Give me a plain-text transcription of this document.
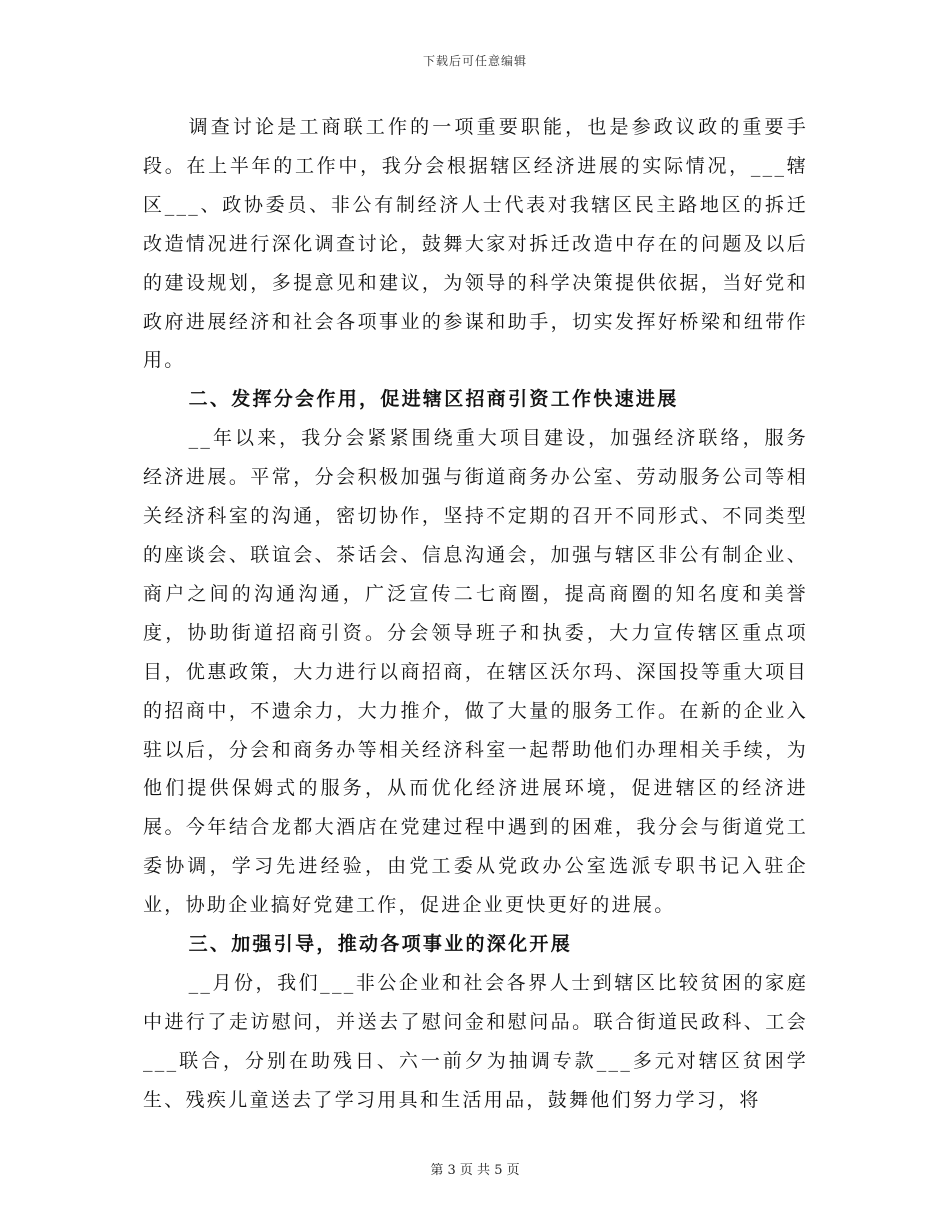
下载后可任意编辑

调查讨论是工商联工作的一项重要职能，也是参政议政的重要手段。在上半年的工作中，我分会根据辖区经济进展的实际情况，___辖区___、政协委员、非公有制经济人士代表对我辖区民主路地区的拆迁改造情况进行深化调查讨论，鼓舞大家对拆迁改造中存在的问题及以后的建设规划，多提意见和建议，为领导的科学决策提供依据，当好党和政府进展经济和社会各项事业的参谋和助手，切实发挥好桥梁和纽带作用。

二、发挥分会作用，促进辖区招商引资工作快速进展

__年以来，我分会紧紧围绕重大项目建设，加强经济联络，服务经济进展。平常，分会积极加强与街道商务办公室、劳动服务公司等相关经济科室的沟通，密切协作，坚持不定期的召开不同形式、不同类型的座谈会、联谊会、茶话会、信息沟通会，加强与辖区非公有制企业、商户之间的沟通沟通，广泛宣传二七商圈，提高商圈的知名度和美誉度，协助街道招商引资。分会领导班子和执委，大力宣传辖区重点项目，优惠政策，大力进行以商招商，在辖区沃尔玛、深国投等重大项目的招商中，不遗余力，大力推介，做了大量的服务工作。在新的企业入驻以后，分会和商务办等相关经济科室一起帮助他们办理相关手续，为他们提供保姆式的服务，从而优化经济进展环境，促进辖区的经济进展。今年结合龙都大酒店在党建过程中遇到的困难，我分会与街道党工委协调，学习先进经验，由党工委从党政办公室选派专职书记入驻企业，协助企业搞好党建工作，促进企业更快更好的进展。

三、加强引导，推动各项事业的深化开展

__月份，我们___非公企业和社会各界人士到辖区比较贫困的家庭中进行了走访慰问，并送去了慰问金和慰问品。联合街道民政科、工会___联合，分别在助残日、六一前夕为抽调专款___多元对辖区贫困学生、残疾儿童送去了学习用具和生活用品，鼓舞他们努力学习，将

第 3 页 共 5 页
